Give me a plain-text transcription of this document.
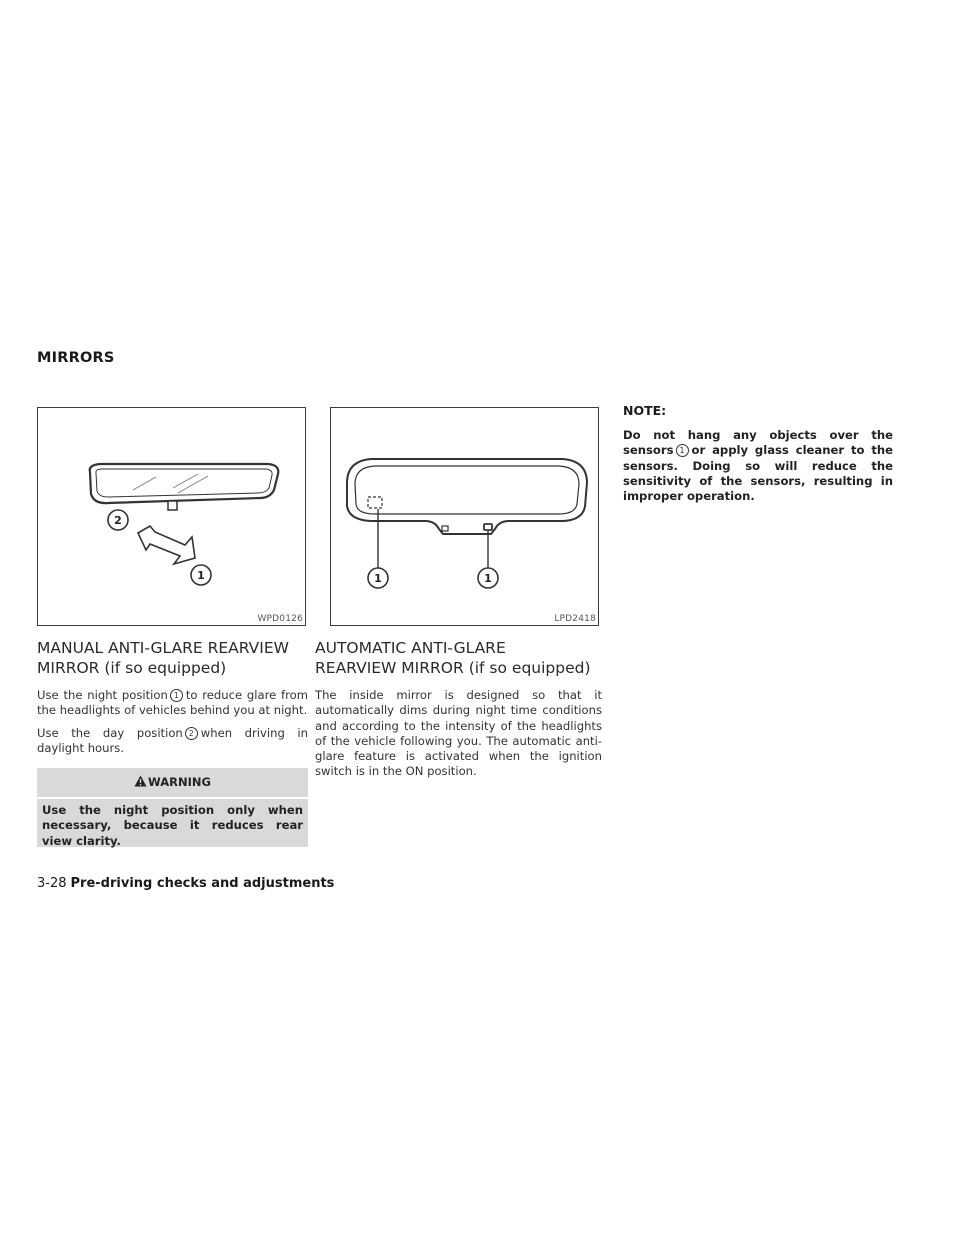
MIRRORS
2
1
WPD0126
1	1
LPD2418
MANUAL ANTI-GLARE REARVIEW
MIRROR (if so equipped)

Use the night position 1 to reduce glare from the headlights of vehicles behind you at night.

Use the day position 2 when driving in daylight hours.

WARNING
Use the night position only when necessary, because it reduces rear view clarity.
AUTOMATIC ANTI-GLARE
REARVIEW MIRROR (if so equipped)

The inside mirror is designed so that it automatically dims during night time conditions and according to the intensity of the headlights of the vehicle following you. The automatic anti-glare feature is activated when the ignition switch is in the ON position.

NOTE:
Do not hang any objects over the sensors 1 or apply glass cleaner to the sensors. Doing so will reduce the sensitivity of the sensors, resulting in improper operation.
3-28 Pre-driving checks and adjustments
